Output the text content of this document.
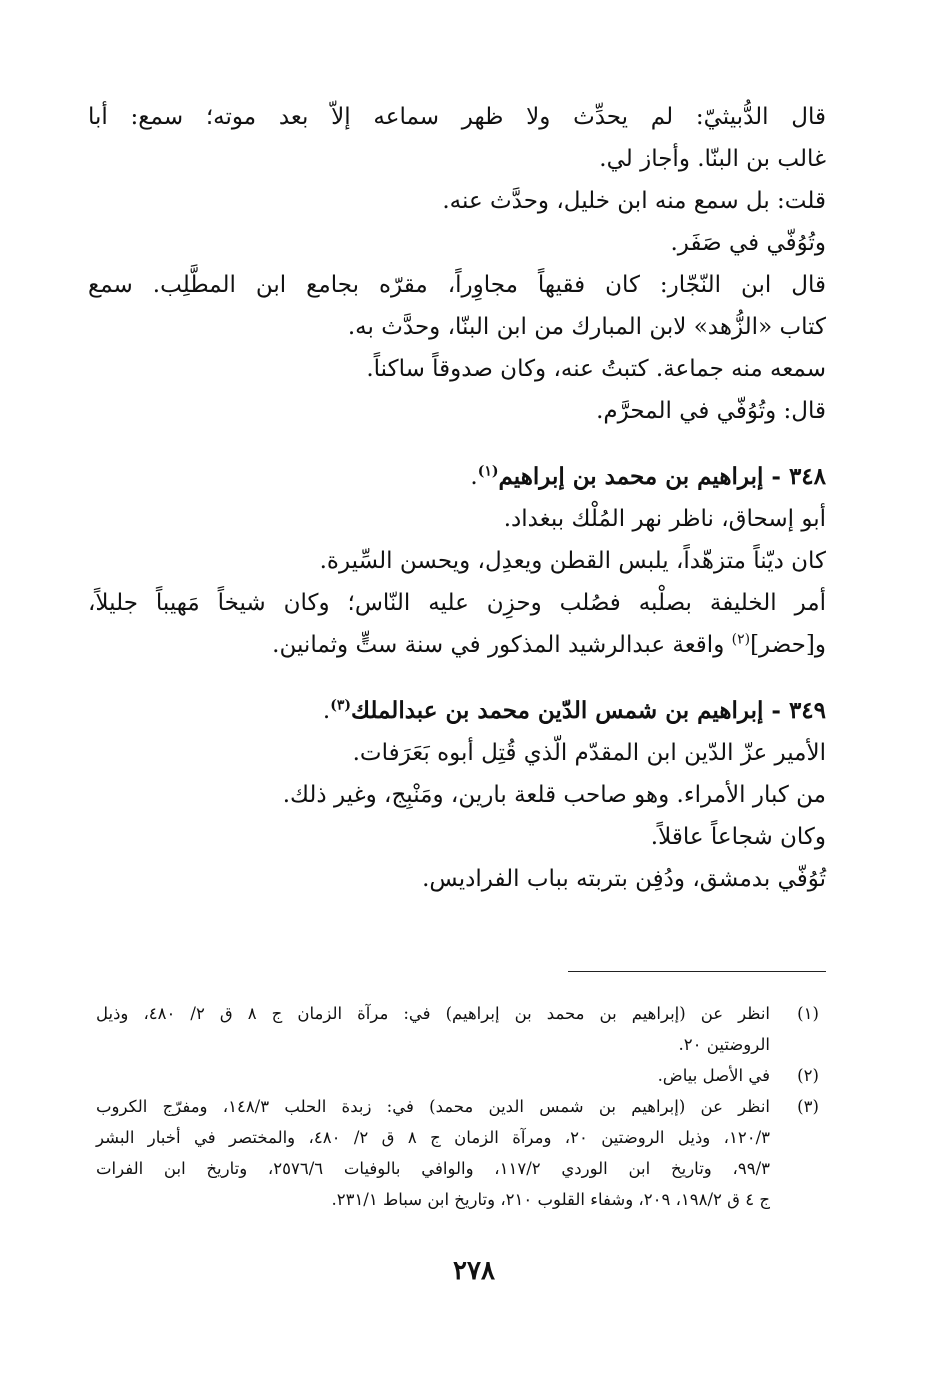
قال الدُّبيثيّ: لم يحدِّث ولا ظهر سماعه إلاّ بعد موته؛ سمع: أبا

غالب بن البنّا. وأجاز لي.

قلت: بل سمع منه ابن خليل، وحدَّث عنه.

وتُوُفّي في صَفَر.

قال ابن النّجّار: كان فقيهاً مجاوِراً، مقرّه بجامع ابن المطَّلِب. سمع

كتاب «الزُّهد» لابن المبارك من ابن البنّا، وحدَّث به.

سمعه منه جماعة. كتبتُ عنه، وكان صدوقاً ساكناً.

قال: وتُوُفّي في المحرَّم.

٣٤٨ - إبراهيم بن محمد بن إبراهيم$^{(١)}$.

أبو إسحاق، ناظر نهر المُلْك ببغداد.

كان ديّناً متزهّداً، يلبس القطن ويعدِل، ويحسن السِّيرة.

أمر الخليفة بصلْبه فصُلب وحزِن عليه النّاس؛ وكان شيخاً مَهيباً جليلاً،

و[حضر]$^{(٢)}$ واقعة عبدالرشيد المذكور في سنة ستٍّ وثمانين.

٣٤٩ - إبراهيم بن شمس الدّين محمد بن عبدالملك$^{(٣)}$.

الأمير عزّ الدّين ابن المقدّم الّذي قُتِل أبوه بَعَرَفات.

من كبار الأمراء. وهو صاحب قلعة بارين، ومَنْبِج، وغير ذلك.

وكان شجاعاً عاقلاً.

تُوُفّي بدمشق، ودُفِن بتربته بباب الفراديس.

(١)
انظر عن (إبراهيم بن محمد بن إبراهيم) في: مرآة الزمان ج ٨ ق ٢/ ٤٨٠، وذيل
الروضتين ٢٠.
(٢)
في الأصل بياض.
(٣)
انظر عن (إبراهيم بن شمس الدين محمد) في: زبدة الحلب ١٤٨/٣، ومفرّج الكروب
١٢٠/٣، وذيل الروضتين ٢٠، ومرآة الزمان ج ٨ ق ٢/ ٤٨٠، والمختصر في أخبار البشر
٩٩/٣، وتاريخ ابن الوردي ١١٧/٢، والوافي بالوفيات ٢٥٧٦/٦، وتاريخ ابن الفرات
ج ٤ ق ١٩٨/٢، ٢٠٩، وشفاء القلوب ٢١٠، وتاريخ ابن سباط ٢٣١/١.
٢٧٨
